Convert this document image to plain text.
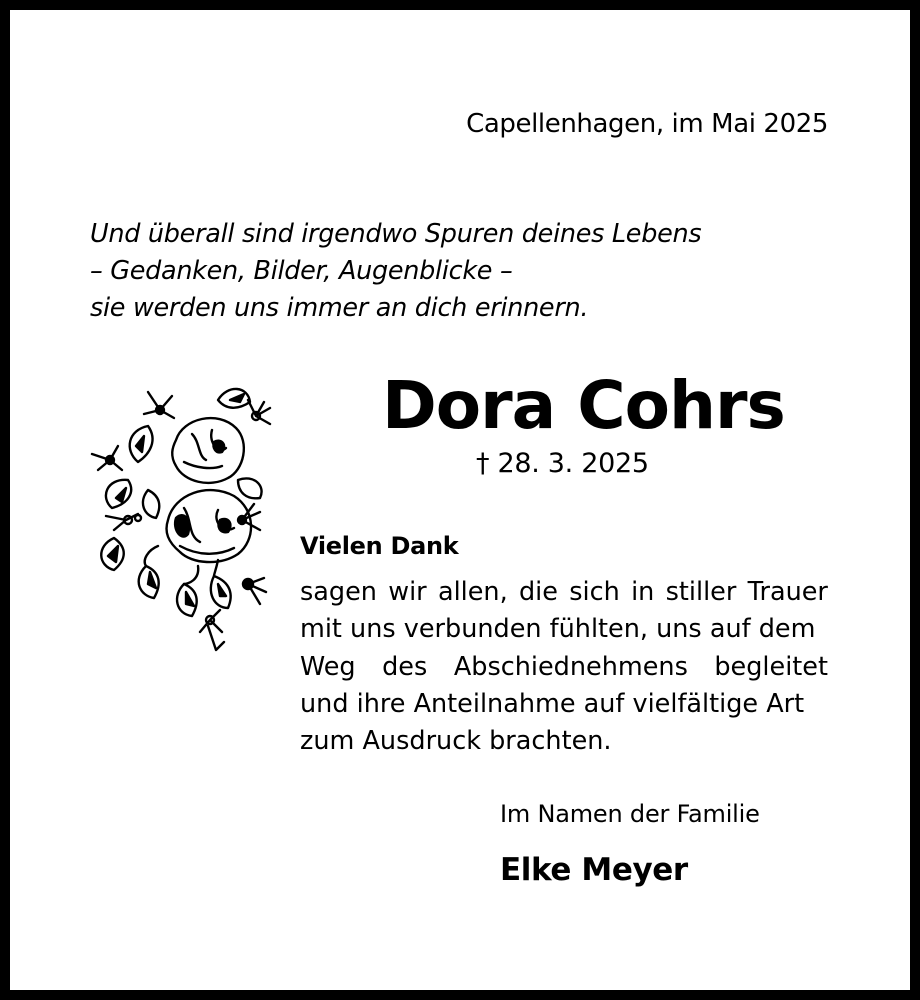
Capellenhagen, im Mai 2025
Und überall sind irgendwo Spuren deines Lebens
– Gedanken, Bilder, Augenblicke –
sie werden uns immer an dich erinnern.
Dora Cohrs
† 28. 3. 2025
Vielen Dank
sagen wir allen, die sich in stiller Trauer
mit uns verbunden fühlten, uns auf dem
Weg des Abschiednehmens begleitet
und ihre Anteilnahme auf vielfältige Art
zum Ausdruck brachten.
Im Namen der Familie
Elke Meyer
